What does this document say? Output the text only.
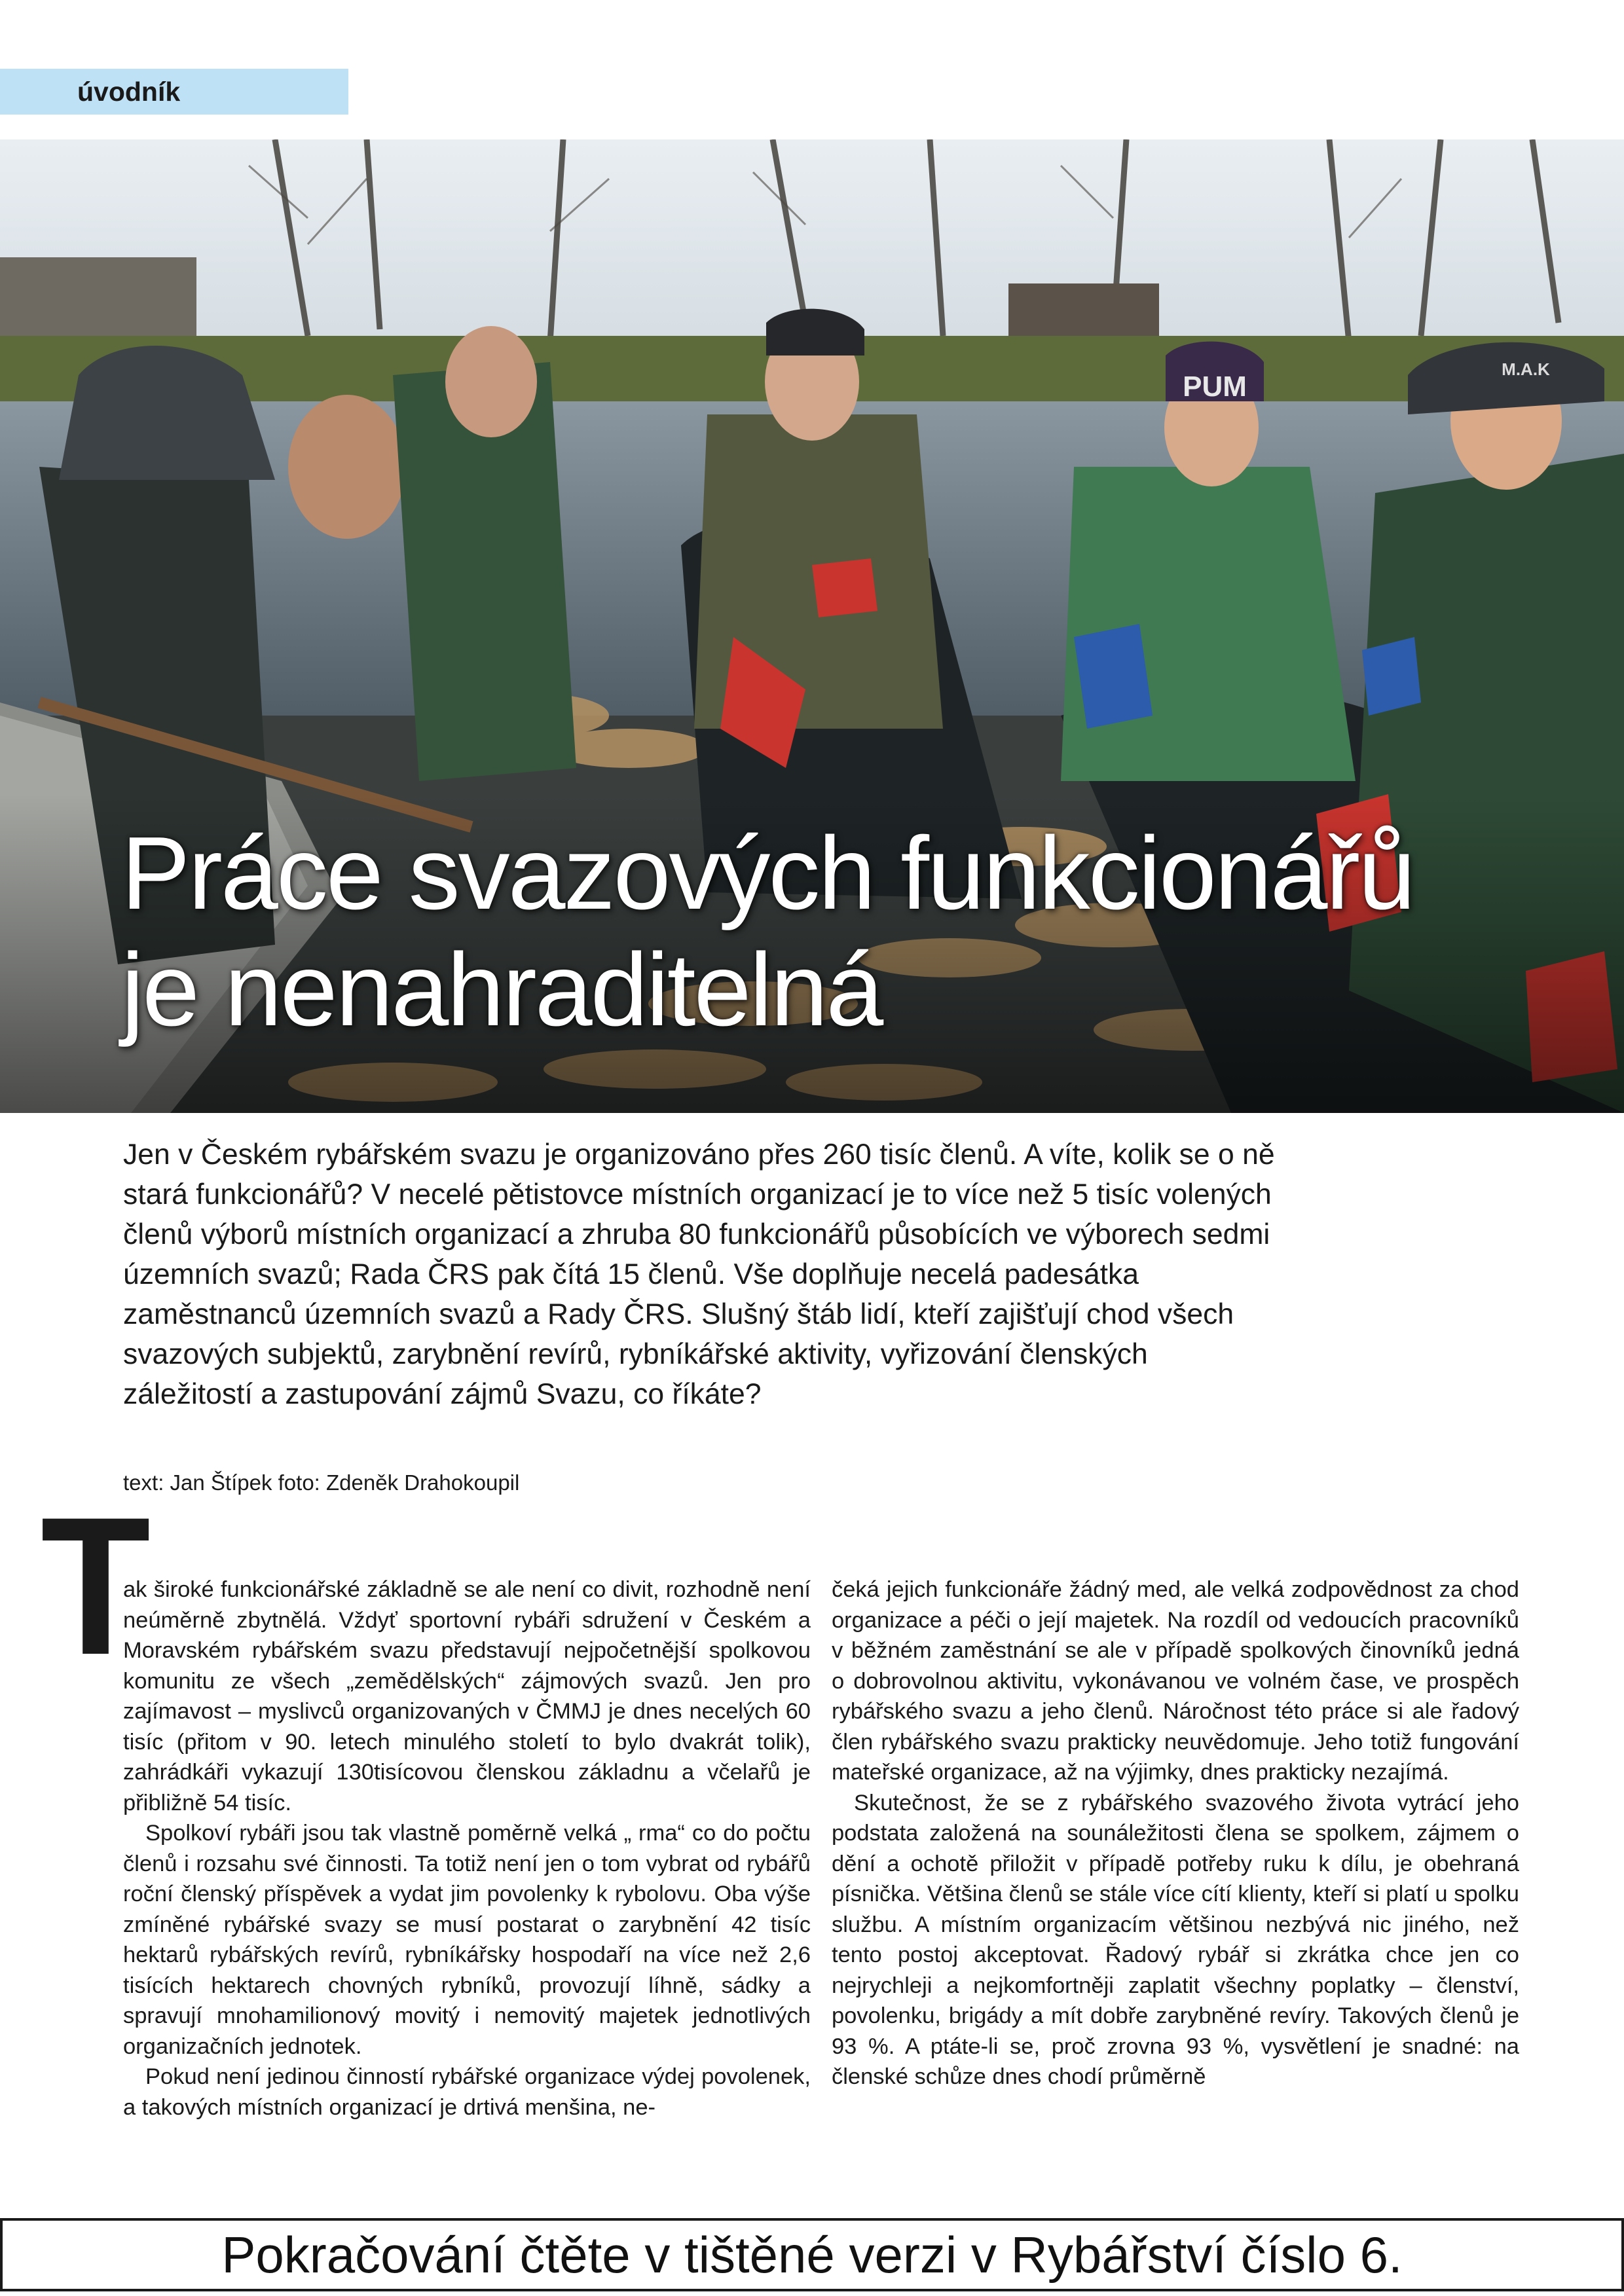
úvodník
PUM
M.A.K
Práce svazových funkcionářů
je nenahraditelná

Jen v Českém rybářském svazu je organizováno přes 260 tisíc členů. A víte, kolik se o ně stará funkcionářů? V necelé pětistovce místních organizací je to více než 5 tisíc volených členů výborů místních organizací a zhruba 80 funkcionářů působících ve výborech sedmi územních svazů; Rada ČRS pak čítá 15 členů. Vše doplňuje necelá padesátka zaměstnanců územních svazů a Rady ČRS. Slušný štáb lidí, kteří zajišťují chod všech svazových subjektů, zarybnění revírů, rybníkářské aktivity, vyřizování členských záležitostí a zastupování zájmů Svazu, co říkáte?

text: Jan Štípek foto: Zdeněk Drahokoupil
T

ak široké funkcionářské základně se ale není co divit, rozhodně není neúměrně zbytnělá. Vždyť sportovní rybáři sdružení v Českém a Moravském rybářském svazu představují nejpočetnější spolkovou komunitu ze všech „zemědělských“ zájmových svazů. Jen pro zajímavost – myslivců organizovaných v ČMMJ je dnes necelých 60 tisíc (přitom v 90. letech minulého století to bylo dvakrát tolik), zahrádkáři vykazují 130tisícovou členskou základnu a včelařů je přibližně 54 tisíc.

Spolkoví rybáři jsou tak vlastně poměrně velká „ rma“ co do počtu členů i rozsahu své činnosti. Ta totiž není jen o tom vybrat od rybářů roční členský příspěvek a vydat jim povolenky k rybolovu. Oba výše zmíněné rybářské svazy se musí postarat o zarybnění 42 tisíc hektarů rybářských revírů, rybníkářsky hospodaří na více než 2,6 tisících hektarech chovných rybníků, provozují líhně, sádky a spravují mnohamilionový movitý i nemovitý majetek jednotlivých organizačních jednotek.

Pokud není jedinou činností rybářské organizace výdej povolenek, a takových místních organizací je drtivá menšina, ne-

čeká jejich funkcionáře žádný med, ale velká zodpovědnost za chod organizace a péči o její majetek. Na rozdíl od vedoucích pracovníků v běžném zaměstnání se ale v případě spolkových činovníků jedná o dobrovolnou aktivitu, vykonávanou ve volném čase, ve prospěch rybářského svazu a jeho členů. Náročnost této práce si ale řadový člen rybářského svazu prakticky neuvědomuje. Jeho totiž fungování mateřské organizace, až na výjimky, dnes prakticky nezajímá.

Skutečnost, že se z rybářského svazového života vytrácí jeho podstata založená na sounáležitosti člena se spolkem, zájmem o dění a ochotě přiložit v případě potřeby ruku k dílu, je obehraná písnička. Většina členů se stále více cítí klienty, kteří si platí u spolku službu. A místním organizacím většinou nezbývá nic jiného, než tento postoj akceptovat. Řadový rybář si zkrátka chce jen co nejrychleji a nejkomfortněji zaplatit všechny poplatky – členství, povolenku, brigády a mít dobře zarybněné revíry. Takových členů je 93 %. A ptáte-li se, proč zrovna 93 %, vysvětlení je snadné: na členské schůze dnes chodí průměrně

Pokračování čtěte v tištěné verzi v Rybářství číslo 6.
